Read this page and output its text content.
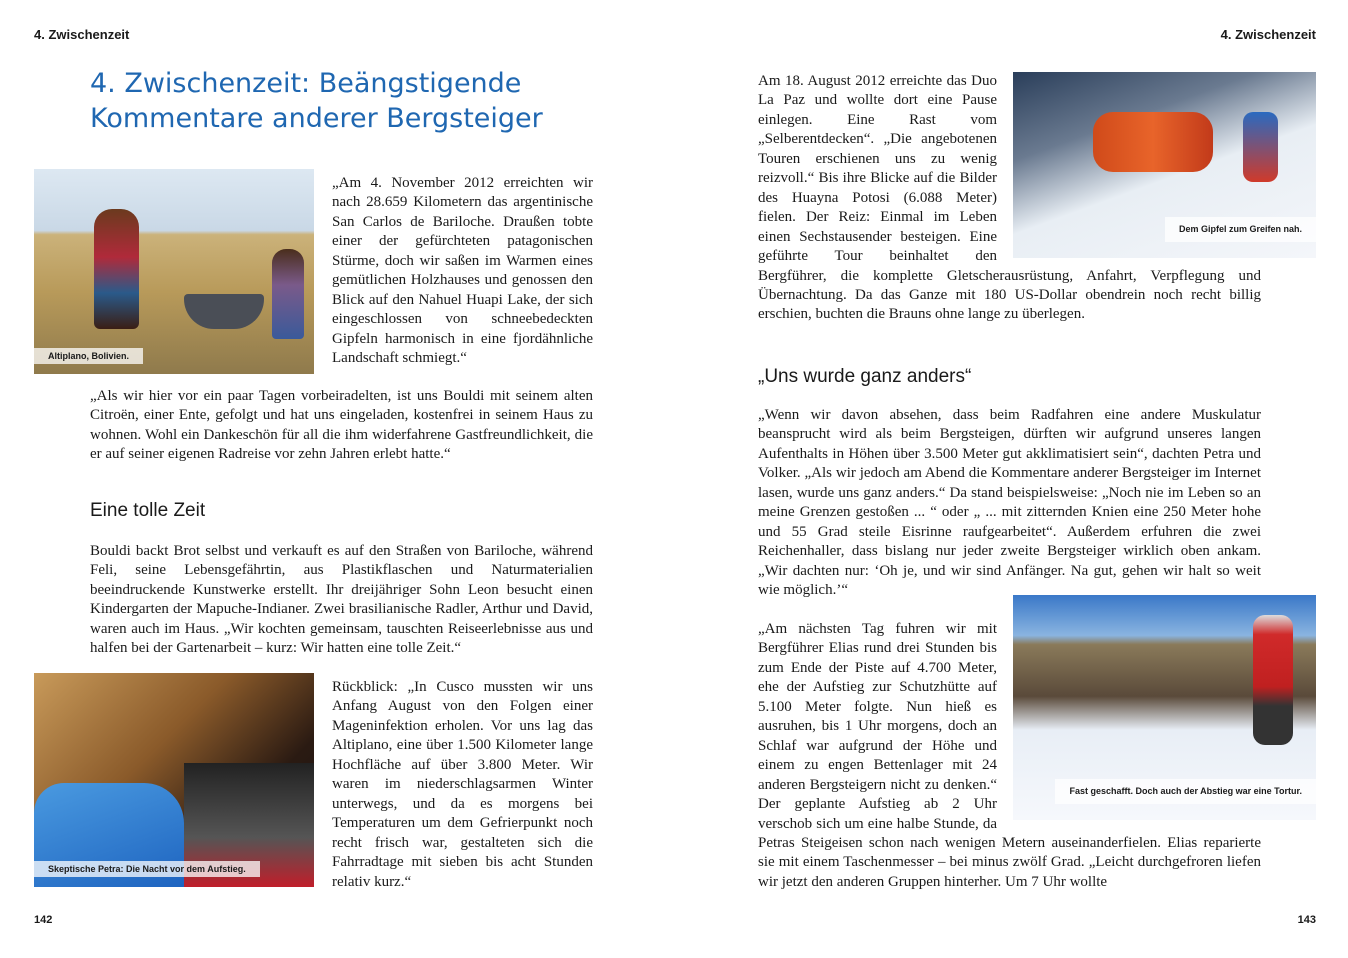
4. Zwischenzeit
4. Zwischenzeit: Beängstigende Kommentare anderer Bergsteiger
Altiplano, Bolivien.
„Am 4. November 2012 erreichten wir nach 28.659 Kilometern das argentinische San Carlos de Bariloche. Draußen tobte einer der gefürchteten patagonischen Stürme, doch wir saßen im Warmen eines gemütlichen Holzhauses und genossen den Blick auf den Nahuel Huapi Lake, der sich eingeschlossen von schneebedeckten Gipfeln harmonisch in eine fjordähnliche Landschaft schmiegt.“
„Als wir hier vor ein paar Tagen vorbeiradelten, ist uns Bouldi mit seinem alten Citroën, einer Ente, gefolgt und hat uns eingeladen, kostenfrei in seinem Haus zu wohnen. Wohl ein Dankeschön für all die ihm widerfahrene Gastfreundlichkeit, die er auf seiner eigenen Radreise vor zehn Jahren erlebt hatte.“
Eine tolle Zeit
Bouldi backt Brot selbst und verkauft es auf den Straßen von Bariloche, während Feli, seine Lebensgefährtin, aus Plastikflaschen und Naturmaterialien beeindruckende Kunstwerke erstellt. Ihr dreijähriger Sohn Leon besucht einen Kindergarten der Mapuche-Indianer. Zwei brasilianische Radler, Arthur und David, waren auch im Haus. „Wir kochten gemeinsam, tauschten Reiseerlebnisse aus und halfen bei der Gartenarbeit – kurz: Wir hatten eine tolle Zeit.“
Skeptische Petra: Die Nacht vor dem Aufstieg.
Rückblick: „In Cusco mussten wir uns Anfang August von den Folgen einer Mageninfektion erholen. Vor uns lag das Altiplano, eine über 1.500 Kilometer lange Hochfläche auf über 3.800 Meter. Wir waren im niederschlagsarmen Winter unterwegs, und da es morgens bei Temperaturen um dem Gefrierpunkt noch recht frisch war, gestalteten sich die Fahrradtage mit sieben bis acht Stunden relativ kurz.“
142
4. Zwischenzeit
Dem Gipfel zum Greifen nah.
Am 18. August 2012 erreichte das Duo La Paz und wollte dort eine Pause einlegen. Eine Rast vom „Selberentdecken“. „Die angebotenen Touren erschienen uns zu wenig reizvoll.“ Bis ihre Blicke auf die Bilder des Huayna Potosi (6.088 Meter) fielen. Der Reiz: Einmal im Leben einen Sechstausender besteigen. Eine geführte Tour beinhaltet den Bergführer, die komplette Gletscherausrüstung, Anfahrt, Verpflegung und Übernachtung. Da das Ganze mit 180 US-Dollar obendrein noch recht billig erschien, buchten die Brauns ohne lange zu überlegen.
„Uns wurde ganz anders“
„Wenn wir davon absehen, dass beim Radfahren eine andere Muskulatur beansprucht wird als beim Bergsteigen, dürften wir aufgrund unseres langen Aufenthalts in Höhen über 3.500 Meter gut akklimatisiert sein“, dachten Petra und Volker. „Als wir jedoch am Abend die Kommentare anderer Bergsteiger im Internet lasen, wurde uns ganz anders.“ Da stand beispielsweise: „Noch nie im Leben so an meine Grenzen gestoßen ... “ oder „ ... mit zitternden Knien eine 250 Meter hohe und 55 Grad steile Eisrinne raufgearbeitet“. Außerdem erfuhren die zwei Reichenhaller, dass bislang nur jeder zweite Bergsteiger wirklich oben ankam. „Wir dachten nur: ‘Oh je, und wir sind Anfänger. Na gut, gehen wir halt so weit wie möglich.’“
Fast geschafft. Doch auch der Abstieg war eine Tortur.
„Am nächsten Tag fuhren wir mit Bergführer Elias rund drei Stunden bis zum Ende der Piste auf 4.700 Meter, ehe der Aufstieg zur Schutzhütte auf 5.100 Meter folgte. Nun hieß es ausruhen, bis 1 Uhr morgens, doch an Schlaf war aufgrund der Höhe und einem zu engen Bettenlager mit 24 anderen Bergsteigern nicht zu denken.“ Der geplante Aufstieg ab 2 Uhr verschob sich um eine halbe Stunde, da Petras Steigeisen schon nach wenigen Metern auseinanderfielen. Elias reparierte sie mit einem Taschenmesser – bei minus zwölf Grad. „Leicht durchgefroren liefen wir jetzt den anderen Gruppen hinterher. Um 7 Uhr wollte
143
